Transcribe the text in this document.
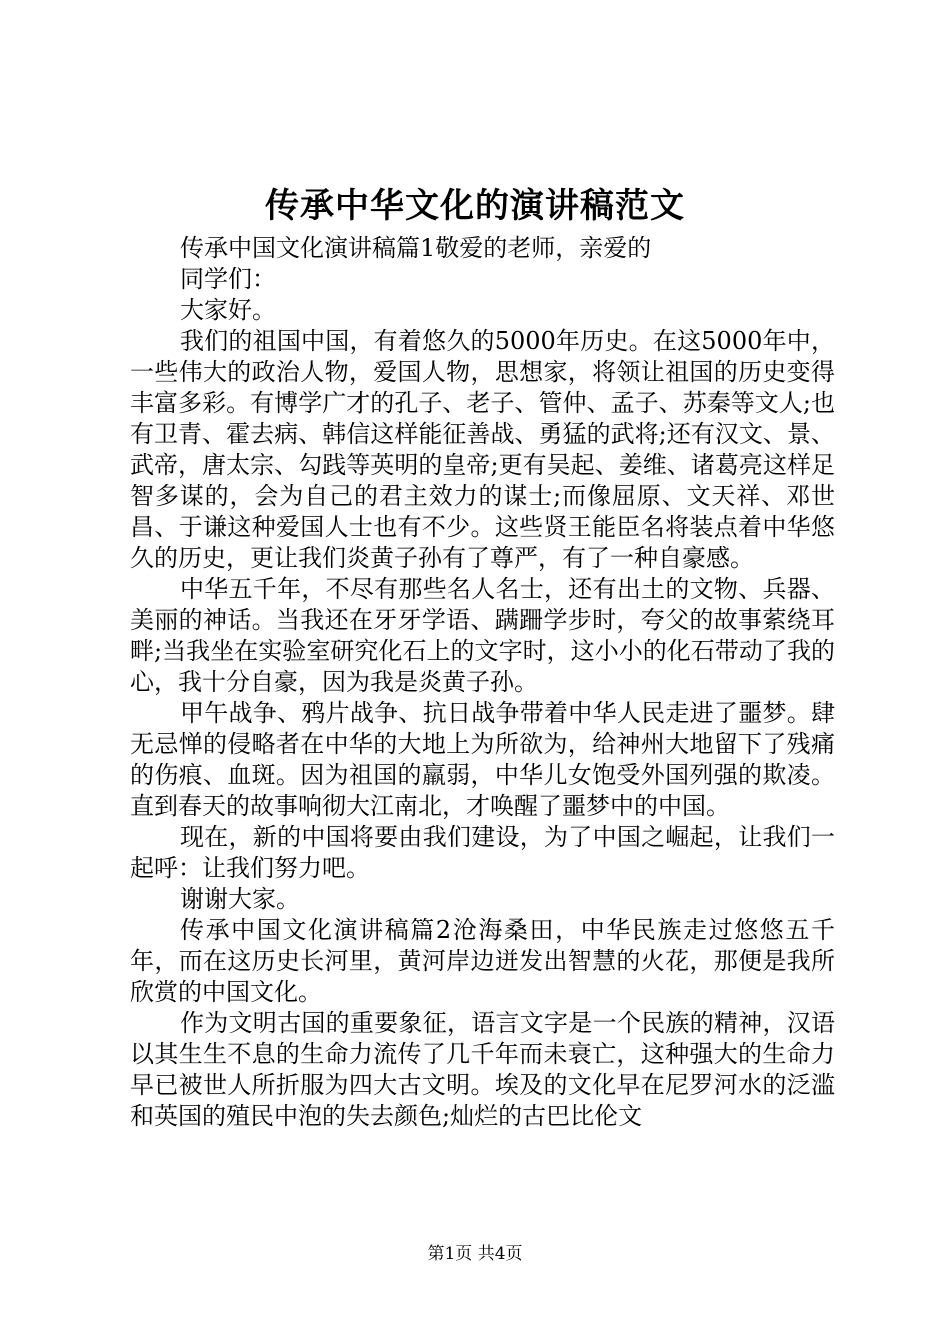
传承中华文化的演讲稿范文

传承中国文化演讲稿篇1敬爱的老师，亲爱的

同学们：

大家好。

我们的祖国中国，有着悠久的5000年历史。在这5000年中，一些伟大的政治人物，爱国人物，思想家，将领让祖国的历史变得丰富多彩。有博学广才的孔子、老子、管仲、孟子、苏秦等文人;也有卫青、霍去病、韩信这样能征善战、勇猛的武将;还有汉文、景、武帝，唐太宗、勾践等英明的皇帝;更有吴起、姜维、诸葛亮这样足智多谋的，会为自己的君主效力的谋士;而像屈原、文天祥、邓世昌、于谦这种爱国人士也有不少。这些贤王能臣名将装点着中华悠久的历史，更让我们炎黄子孙有了尊严，有了一种自豪感。

中华五千年，不尽有那些名人名士，还有出土的文物、兵器、美丽的神话。当我还在牙牙学语、蹒跚学步时，夸父的故事萦绕耳畔;当我坐在实验室研究化石上的文字时，这小小的化石带动了我的心，我十分自豪，因为我是炎黄子孙。

甲午战争、鸦片战争、抗日战争带着中华人民走进了噩梦。肆无忌惮的侵略者在中华的大地上为所欲为，给神州大地留下了残痛的伤痕、血斑。因为祖国的羸弱，中华儿女饱受外国列强的欺凌。直到春天的故事响彻大江南北，才唤醒了噩梦中的中国。

现在，新的中国将要由我们建设，为了中国之崛起，让我们一起呼：让我们努力吧。

谢谢大家。

传承中国文化演讲稿篇2沧海桑田，中华民族走过悠悠五千年，而在这历史长河里，黄河岸边迸发出智慧的火花，那便是我所欣赏的中国文化。

作为文明古国的重要象征，语言文字是一个民族的精神，汉语以其生生不息的生命力流传了几千年而未衰亡，这种强大的生命力早已被世人所折服为四大古文明。埃及的文化早在尼罗河水的泛滥和英国的殖民中泡的失去颜色;灿烂的古巴比伦文

第1页 共4页
